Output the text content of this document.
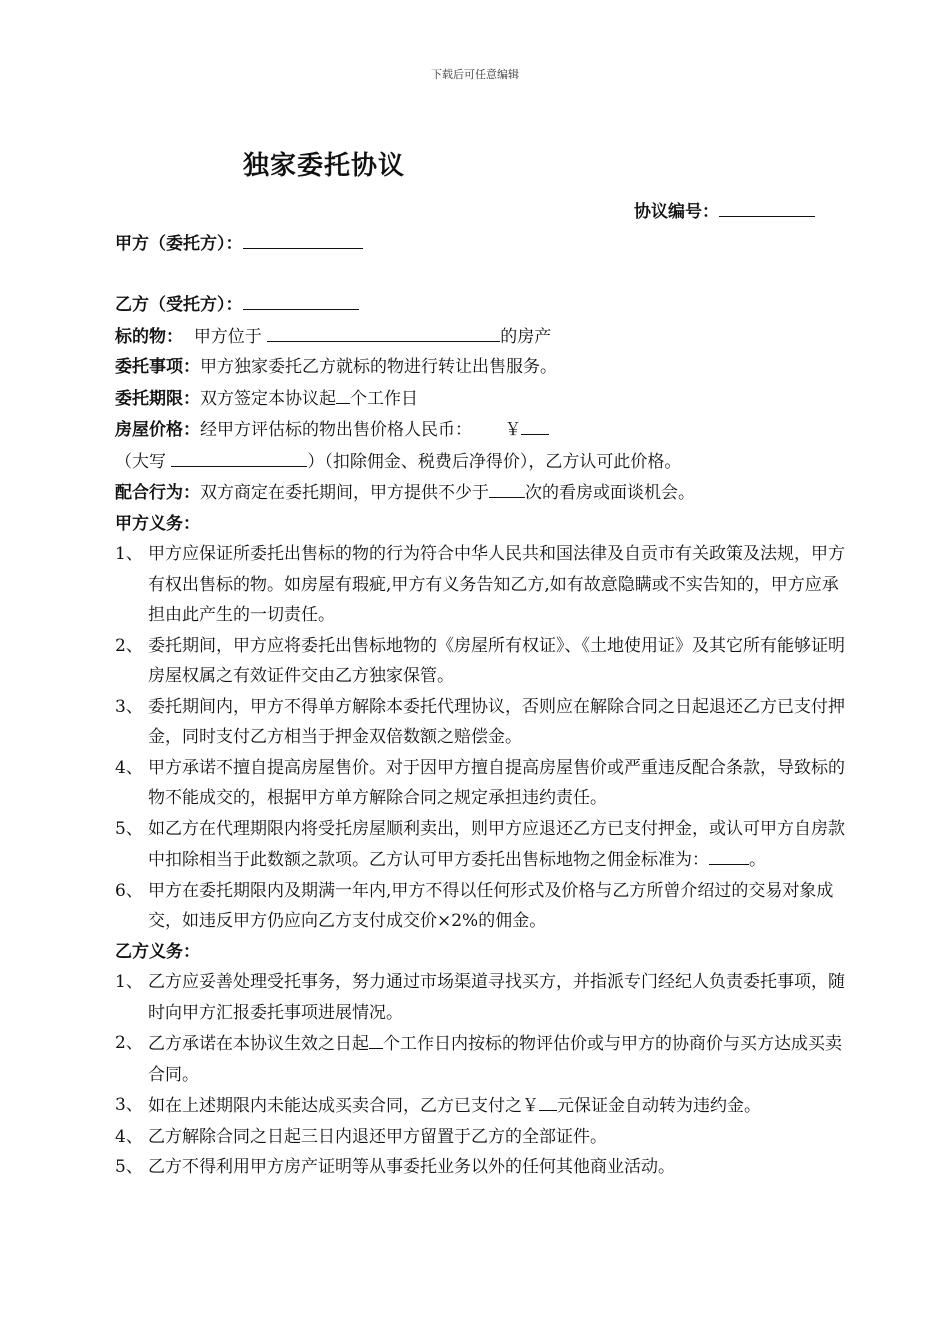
下载后可任意编辑
独家委托协议
协议编号：
甲方（委托方）：
乙方（受托方）：
标的物： 甲方位于	的房产
委托事项：甲方独家委托乙方就标的物进行转让出售服务。
委托期限：双方签定本协议起 个工作日
房屋价格：经甲方评估标的物出售价格人民币： ￥
（大写	）（扣除佣金、税费后净得价），乙方认可此价格。
配合行为：双方商定在委托期间，甲方提供不少于 次的看房或面谈机会。
甲方义务：
1、 甲方应保证所委托出售标的物的行为符合中华人民共和国法律及自贡市有关政策及法规，甲方有权出售标的物。如房屋有瑕疵,甲方有义务告知乙方,如有故意隐瞒或不实告知的，甲方应承担由此产生的一切责任。
2、 委托期间，甲方应将委托出售标地物的《房屋所有权证》、《土地使用证》及其它所有能够证明房屋权属之有效证件交由乙方独家保管。
3、 委托期间内，甲方不得单方解除本委托代理协议，否则应在解除合同之日起退还乙方已支付押金，同时支付乙方相当于押金双倍数额之赔偿金。
4、 甲方承诺不擅自提高房屋售价。对于因甲方擅自提高房屋售价或严重违反配合条款，导致标的物不能成交的，根据甲方单方解除合同之规定承担违约责任。
5、 如乙方在代理期限内将受托房屋顺利卖出，则甲方应退还乙方已支付押金，或认可甲方自房款中扣除相当于此数额之款项。乙方认可甲方委托出售标地物之佣金标准为： 。
6、 甲方在委托期限内及期满一年内,甲方不得以任何形式及价格与乙方所曾介绍过的交易对象成交，如违反甲方仍应向乙方支付成交价×2%的佣金。
乙方义务：
1、 乙方应妥善处理受托事务，努力通过市场渠道寻找买方，并指派专门经纪人负责委托事项，随时向甲方汇报委托事项进展情况。
2、 乙方承诺在本协议生效之日起 个工作日内按标的物评估价或与甲方的协商价与买方达成买卖合同。
3、 如在上述期限内未能达成买卖合同，乙方已支付之￥ 元保证金自动转为违约金。
4、 乙方解除合同之日起三日内退还甲方留置于乙方的全部证件。
5、 乙方不得利用甲方房产证明等从事委托业务以外的任何其他商业活动。
